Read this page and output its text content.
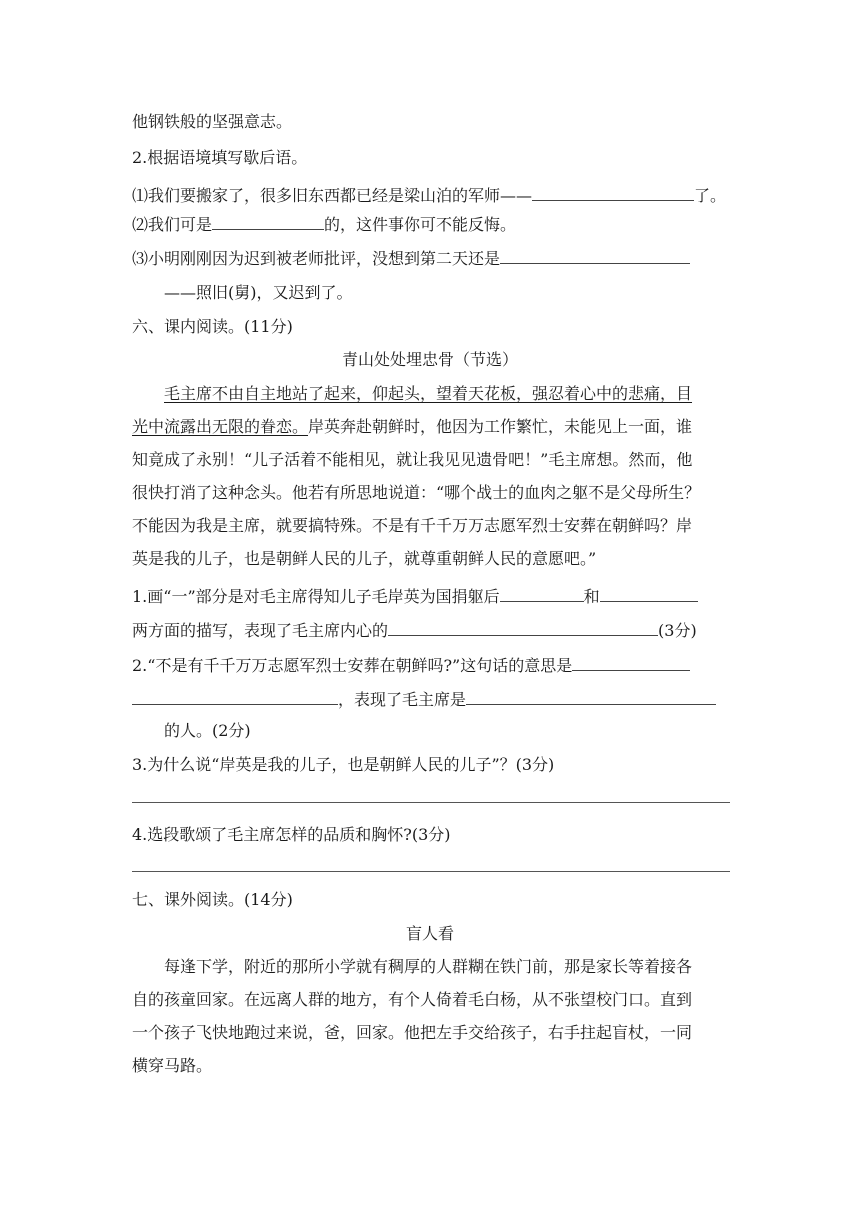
他钢铁般的坚强意志。
2.根据语境填写歇后语。
⑴我们要搬家了，很多旧东西都已经是梁山泊的军师——	了。
⑵我们可是	的，这件事你可不能反悔。
⑶小明刚刚因为迟到被老师批评，没想到第二天还是
——照旧(舅)，又迟到了。
六、课内阅读。(11分)
青山处处埋忠骨（节选）
毛主席不由自主地站了起来，仰起头，望着天花板，强忍着心中的悲痛，目
光中流露出无限的眷恋。岸英奔赴朝鲜时，他因为工作繁忙，未能见上一面，谁
知竟成了永别！“儿子活着不能相见，就让我见见遗骨吧！”毛主席想。然而，他
很快打消了这种念头。他若有所思地说道：“哪个战士的血肉之躯不是父母所生？
不能因为我是主席，就要搞特殊。不是有千千万万志愿军烈士安葬在朝鲜吗？岸
英是我的儿子，也是朝鲜人民的儿子，就尊重朝鲜人民的意愿吧。”
1.画“一”部分是对毛主席得知儿子毛岸英为国捐躯后	和
两方面的描写，表现了毛主席内心的	(3分)
2.“不是有千千万万志愿军烈士安葬在朝鲜吗?”这句话的意思是
，表现了毛主席是
的人。(2分)
3.为什么说“岸英是我的儿子，也是朝鲜人民的儿子”？(3分)
4.选段歌颂了毛主席怎样的品质和胸怀?(3分)
七、课外阅读。(14分)
盲人看
每逢下学，附近的那所小学就有稠厚的人群糊在铁门前，那是家长等着接各
自的孩童回家。在远离人群的地方，有个人倚着毛白杨，从不张望校门口。直到
一个孩子飞快地跑过来说，爸，回家。他把左手交给孩子，右手拄起盲杖，一同
横穿马路。
